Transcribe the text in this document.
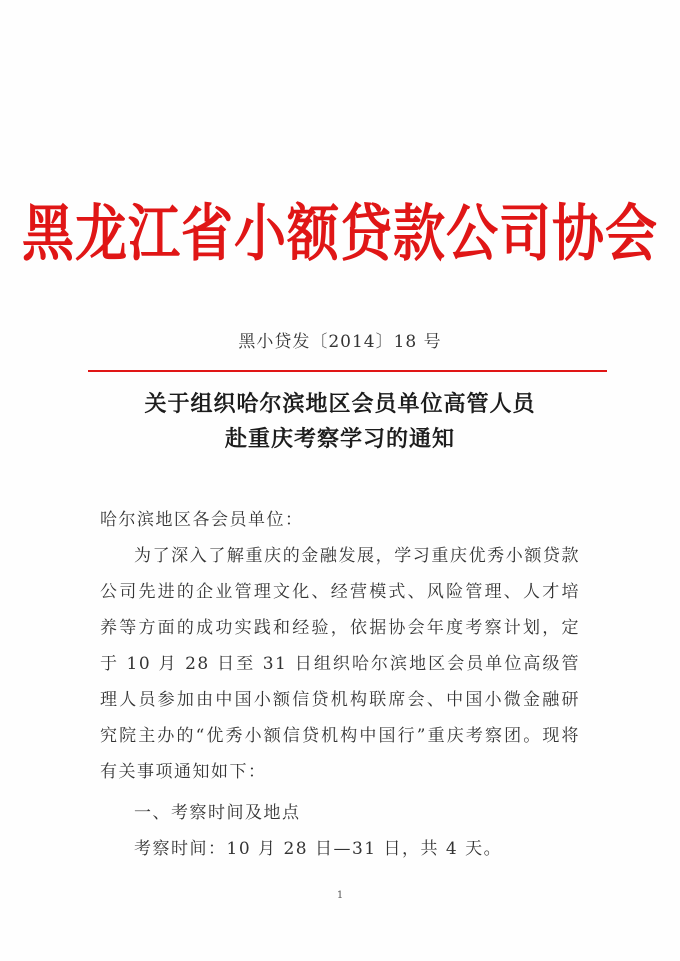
黑龙江省小额贷款公司协会
黑小贷发〔2014〕18 号
关于组织哈尔滨地区会员单位高管人员
赴重庆考察学习的通知
哈尔滨地区各会员单位：
为了深入了解重庆的金融发展，学习重庆优秀小额贷款公司先进的企业管理文化、经营模式、风险管理、人才培养等方面的成功实践和经验，依据协会年度考察计划，定于 10 月 28 日至 31 日组织哈尔滨地区会员单位高级管理人员参加由中国小额信贷机构联席会、中国小微金融研究院主办的“优秀小额信贷机构中国行”重庆考察团。现将有关事项通知如下：
一、考察时间及地点
考察时间：10 月 28 日—31 日，共 4 天。
1
